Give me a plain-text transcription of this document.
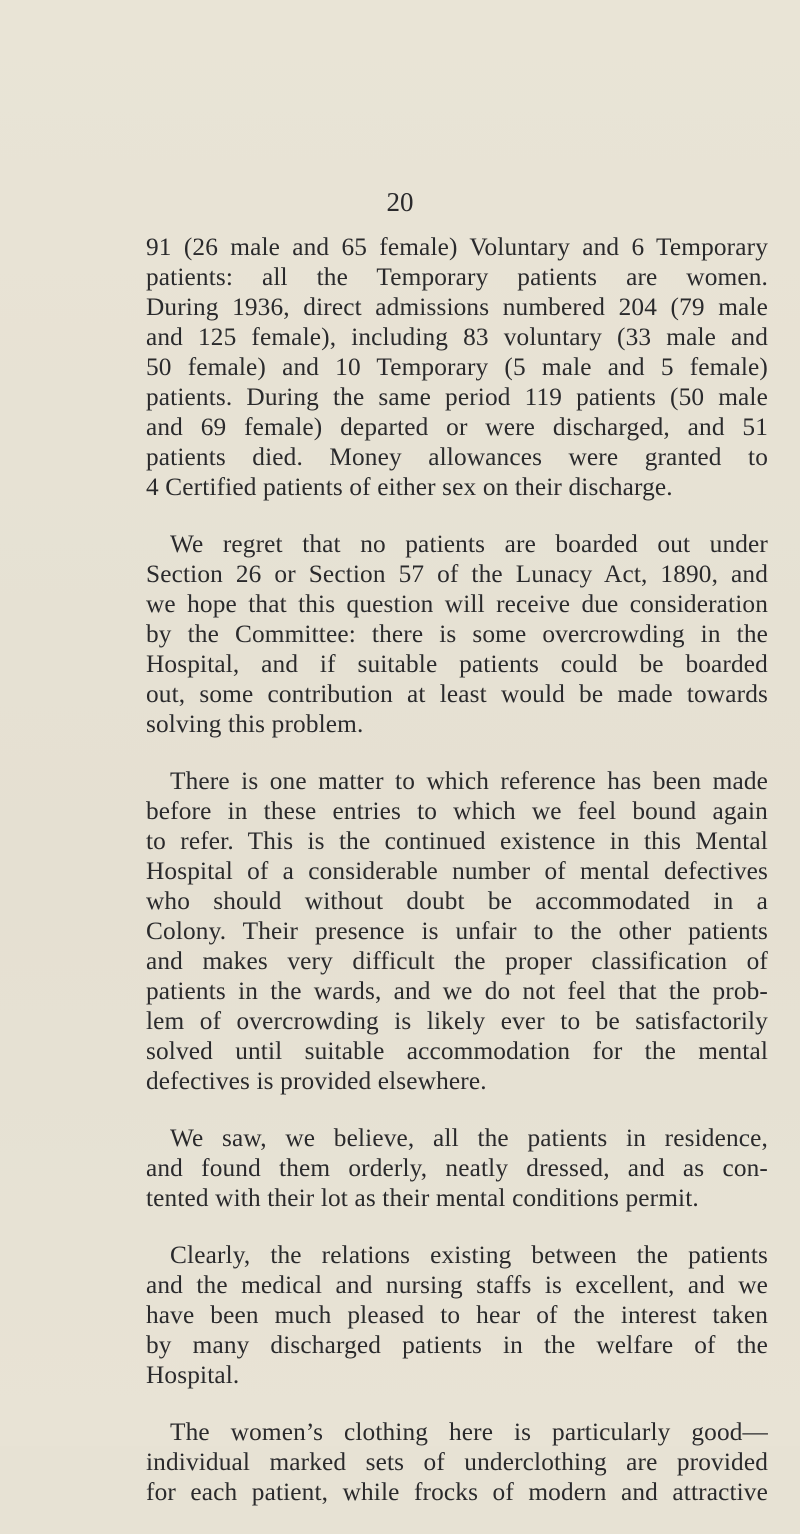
20

91 (26 male and 65 female) Voluntary and 6 Temporary
patients: all the Temporary patients are women.
During 1936, direct admissions numbered 204 (79 male
and 125 female), including 83 voluntary (33 male and
50 female) and 10 Temporary (5 male and 5 female)
patients. During the same period 119 patients (50 male
and 69 female) departed or were discharged, and 51
patients died. Money allowances were granted to
4 Certified patients of either sex on their discharge.

We regret that no patients are boarded out under
Section 26 or Section 57 of the Lunacy Act, 1890, and
we hope that this question will receive due consideration
by the Committee: there is some overcrowding in the
Hospital, and if suitable patients could be boarded
out, some contribution at least would be made towards
solving this problem.

There is one matter to which reference has been made
before in these entries to which we feel bound again
to refer. This is the continued existence in this Mental
Hospital of a considerable number of mental defectives
who should without doubt be accommodated in a
Colony. Their presence is unfair to the other patients
and makes very difficult the proper classification of
patients in the wards, and we do not feel that the prob-
lem of overcrowding is likely ever to be satisfactorily
solved until suitable accommodation for the mental
defectives is provided elsewhere.

We saw, we believe, all the patients in residence,
and found them orderly, neatly dressed, and as con-
tented with their lot as their mental conditions permit.

Clearly, the relations existing between the patients
and the medical and nursing staffs is excellent, and we
have been much pleased to hear of the interest taken
by many discharged patients in the welfare of the
Hospital.

The women’s clothing here is particularly good—
individual marked sets of underclothing are provided
for each patient, while frocks of modern and attractive
